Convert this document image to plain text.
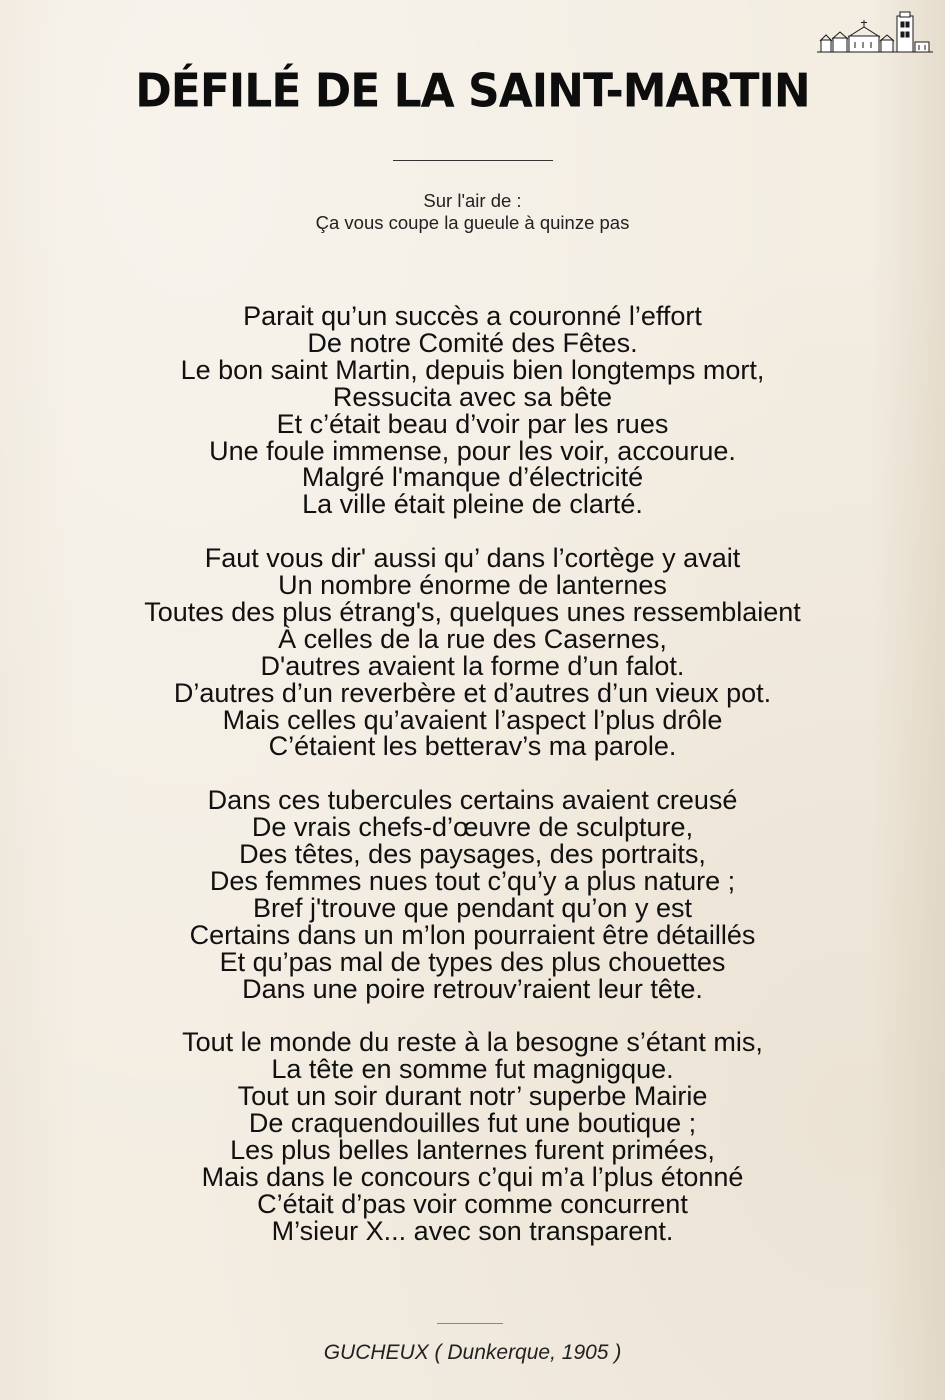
DÉFILÉ DE LA SAINT-MARTIN
Sur l'air de :
Ça vous coupe la gueule à quinze pas
Parait qu’un succès a couronné l’effort
De notre Comité des Fêtes.
Le bon saint Martin, depuis bien longtemps mort,
Ressucita avec sa bête
Et c’était beau d’voir par les rues
Une foule immense, pour les voir, accourue.
Malgré l'manque d’électricité
La ville était pleine de clarté.
Faut vous dir' aussi qu’ dans l’cortège y avait
Un nombre énorme de lanternes
Toutes des plus étrang's, quelques unes ressemblaient
À celles de la rue des Casernes,
D'autres avaient la forme d’un falot.
D’autres d’un reverbère et d’autres d’un vieux pot.
Mais celles qu’avaient l’aspect l’plus drôle
C’étaient les betterav’s ma parole.
Dans ces tubercules certains avaient creusé
De vrais chefs-d’œuvre de sculpture,
Des têtes, des paysages, des portraits,
Des femmes nues tout c’qu’y a plus nature ;
Bref j'trouve que pendant qu’on y est
Certains dans un m’lon pourraient être détaillés
Et qu’pas mal de types des plus chouettes
Dans une poire retrouv’raient leur tête.
Tout le monde du reste à la besogne s’étant mis,
La tête en somme fut magnigque.
Tout un soir durant notr’ superbe Mairie
De craquendouilles fut une boutique ;
Les plus belles lanternes furent primées,
Mais dans le concours c’qui m’a l’plus étonné
C’était d’pas voir comme concurrent
M’sieur X... avec son transparent.
GUCHEUX ( Dunkerque, 1905 )
